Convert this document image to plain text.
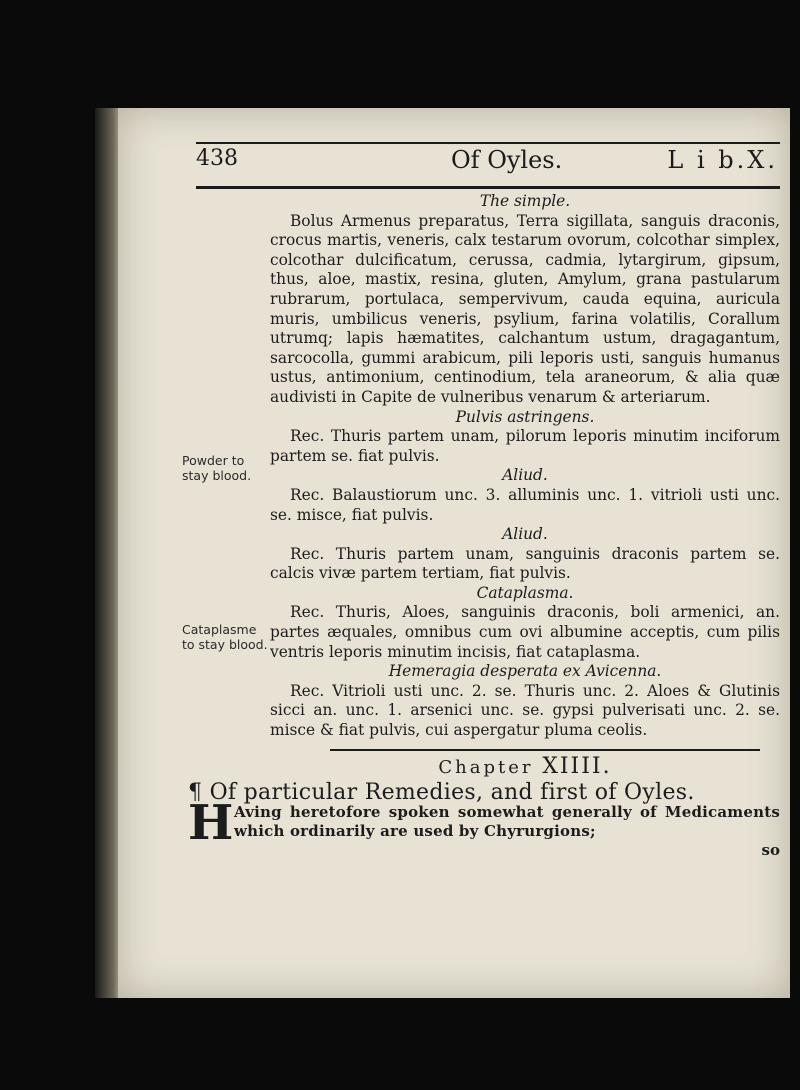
438	Of Oyles.	L i b.X.
Powder to stay blood.
Cataplasme to stay blood.

The simple.

Bolus Armenus preparatus, Terra sigillata, sanguis draconis, crocus martis, veneris, calx testarum ovorum, colcothar simplex, colcothar dulcificatum, cerussa, cadmia, lytargirum, gipsum, thus, aloe, mastix, resina, gluten, Amylum, grana pastularum rubrarum, portulaca, sempervivum, cauda equina, auricula muris, umbilicus veneris, psylium, farina volatilis, Corallum utrumq; lapis hæmatites, calchantum ustum, dragagantum, sarcocolla, gummi arabicum, pili leporis usti, sanguis humanus ustus, antimonium, centinodium, tela araneorum, & alia quæ audivisti in Capite de vulneribus venarum & arteriarum.

Pulvis astringens.

Rec. Thuris partem unam, pilorum leporis minutim inciforum partem se. fiat pulvis.

Aliud.

Rec. Balaustiorum unc. 3. alluminis unc. 1. vitrioli usti unc. se. misce, fiat pulvis.

Aliud.

Rec. Thuris partem unam, sanguinis draconis partem se. calcis vivæ partem tertiam, fiat pulvis.

Cataplasma.

Rec. Thuris, Aloes, sanguinis draconis, boli armenici, an. partes æquales, omnibus cum ovi albumine acceptis, cum pilis ventris leporis minutim incisis, fiat cataplasma.

Hemeragia desperata ex Avicenna.

Rec. Vitrioli usti unc. 2. se. Thuris unc. 2. Aloes & Glutinis sicci an. unc. 1. arsenici unc. se. gypsi pulverisati unc. 2. se. misce & fiat pulvis, cui aspergatur pluma ceolis.

Chapter XIIII.
¶ Of particular Remedies, and first of Oyles.
H Aving heretofore spoken somewhat generally of Medicaments which ordinarily are used by Chyrurgions;
so
